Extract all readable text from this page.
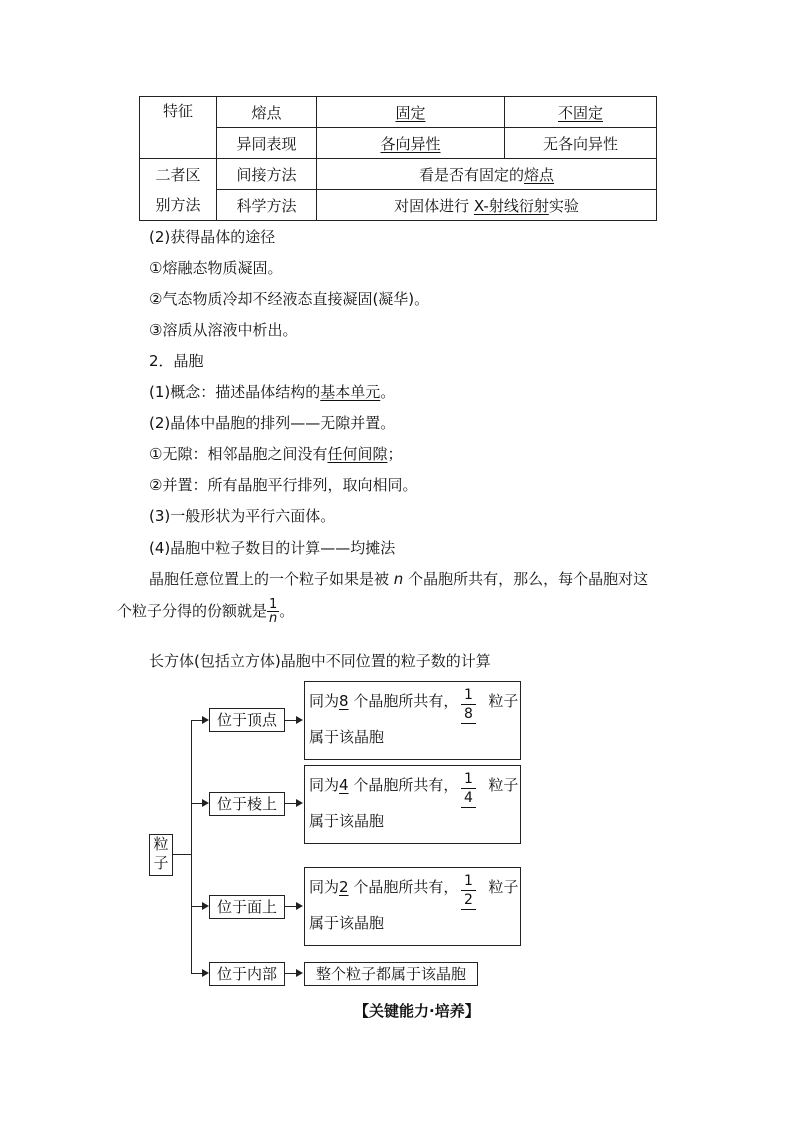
特征	熔点	固定	不固定
	异同表现	各向异性	无各向异性
二者区	间接方法	看是否有固定的熔点	
别方法	科学方法	对固体进行 X-射线衍射实验	
(2)获得晶体的途径
①熔融态物质凝固。
②气态物质冷却不经液态直接凝固(凝华)。
③溶质从溶液中析出。
2．晶胞
(1)概念：描述晶体结构的基本单元。
(2)晶体中晶胞的排列——无隙并置。
①无隙：相邻晶胞之间没有任何间隙；
②并置：所有晶胞平行排列，取向相同。
(3)一般形状为平行六面体。
(4)晶胞中粒子数目的计算——均摊法
晶胞任意位置上的一个粒子如果是被 n 个晶胞所共有，那么，每个晶胞对这
个粒子分得的份额就是 $\frac{1}{n}$ 。
长方体(包括立方体)晶胞中不同位置的粒子数的计算
粒
子
位于顶点
同为8 个晶胞所共有， 粒子
1
8
属于该晶胞
位于棱上
同为4 个晶胞所共有， 粒子
1
4
属于该晶胞
位于面上
同为2 个晶胞所共有， 粒子
1
2
属于该晶胞
位于内部	整个粒子都属于该晶胞
【关键能力·培养】
